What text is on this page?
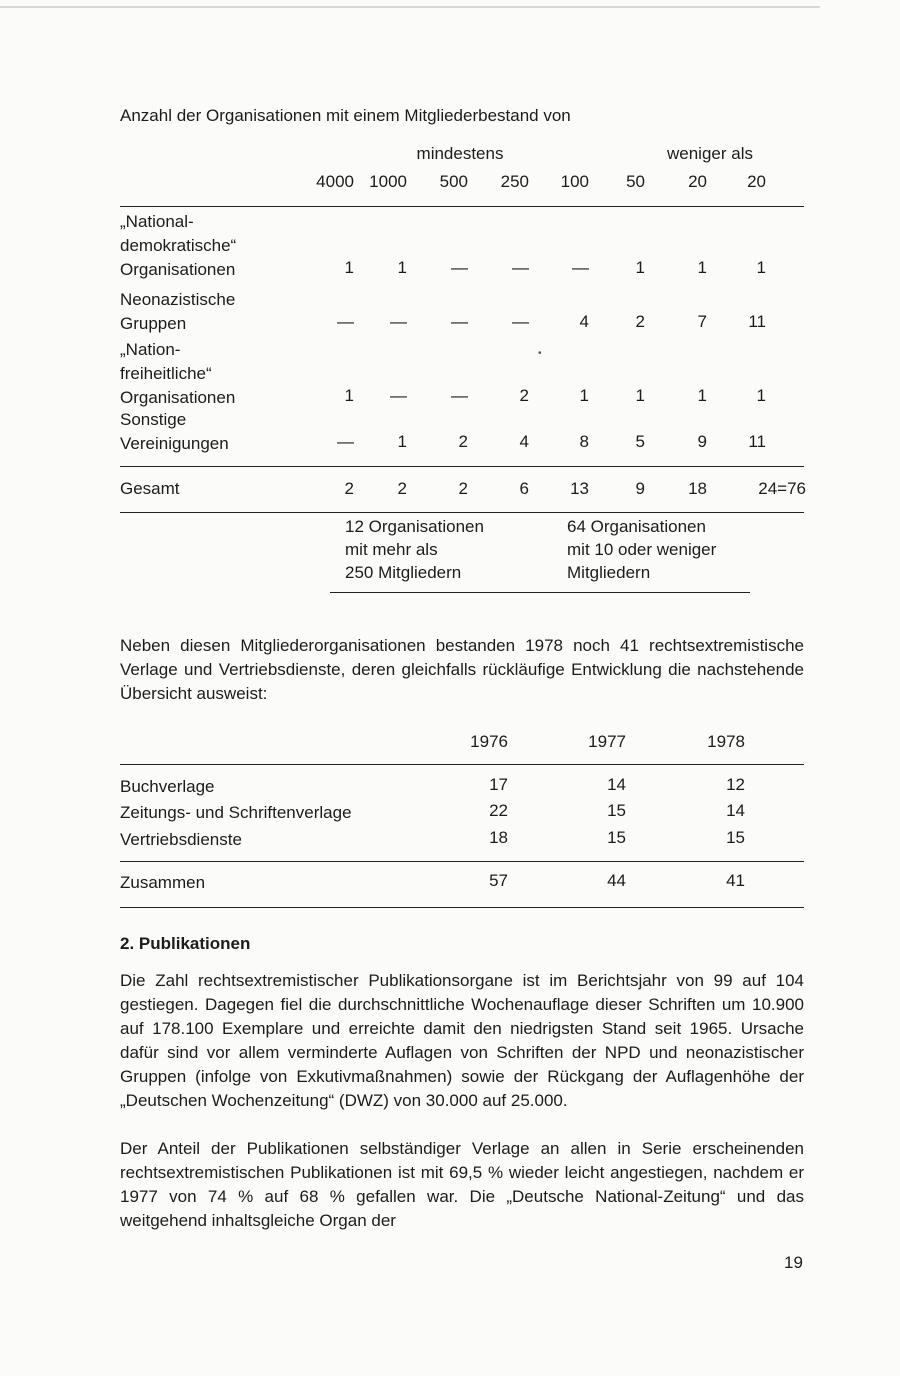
Anzahl der Organisationen mit einem Mitgliederbestand von
mindestens	weniger als
4000 1000	500	250	100	50	20	20
„National-
demokratische“
Organisationen	1	1	—	—	—	1	1	1
Neonazistische
Gruppen	—	—	—	—	4	2	7	11
„Nation-
freiheitliche“
Organisationen	1	—	—	2	1	1	1	1
Sonstige
Vereinigungen	—	1	2	4	8	5	9	11
•
Gesamt	2	2	2	6	13	9	18	24=76
12 Organisationen
mit mehr als
250 Mitgliedern
64 Organisationen
mit 10 oder weniger
Mitgliedern
Neben diesen Mitgliederorganisationen bestanden 1978 noch 41 rechtsextremistische Verlage und Vertriebsdienste, deren gleichfalls rückläufige Entwicklung die nachstehende Übersicht ausweist:
1976	1977	1978
Buchverlage	17	14	12
Zeitungs- und Schriftenverlage	22	15	14
Vertriebsdienste	18	15	15
Zusammen	57	44	41
2. Publikationen
Die Zahl rechtsextremistischer Publikationsorgane ist im Berichtsjahr von 99 auf 104 gestiegen. Dagegen fiel die durchschnittliche Wochenauflage dieser Schriften um 10.900 auf 178.100 Exemplare und erreichte damit den niedrigsten Stand seit 1965. Ursache dafür sind vor allem verminderte Auflagen von Schriften der NPD und neonazistischer Gruppen (infolge von Exkutivmaßnahmen) sowie der Rückgang der Auflagenhöhe der „Deutschen Wochenzeitung“ (DWZ) von 30.000 auf 25.000.
Der Anteil der Publikationen selbständiger Verlage an allen in Serie erscheinenden rechtsextremistischen Publikationen ist mit 69,5 % wieder leicht angestiegen, nachdem er 1977 von 74 % auf 68 % gefallen war. Die „Deutsche National-Zeitung“ und das weitgehend inhaltsgleiche Organ der
19
